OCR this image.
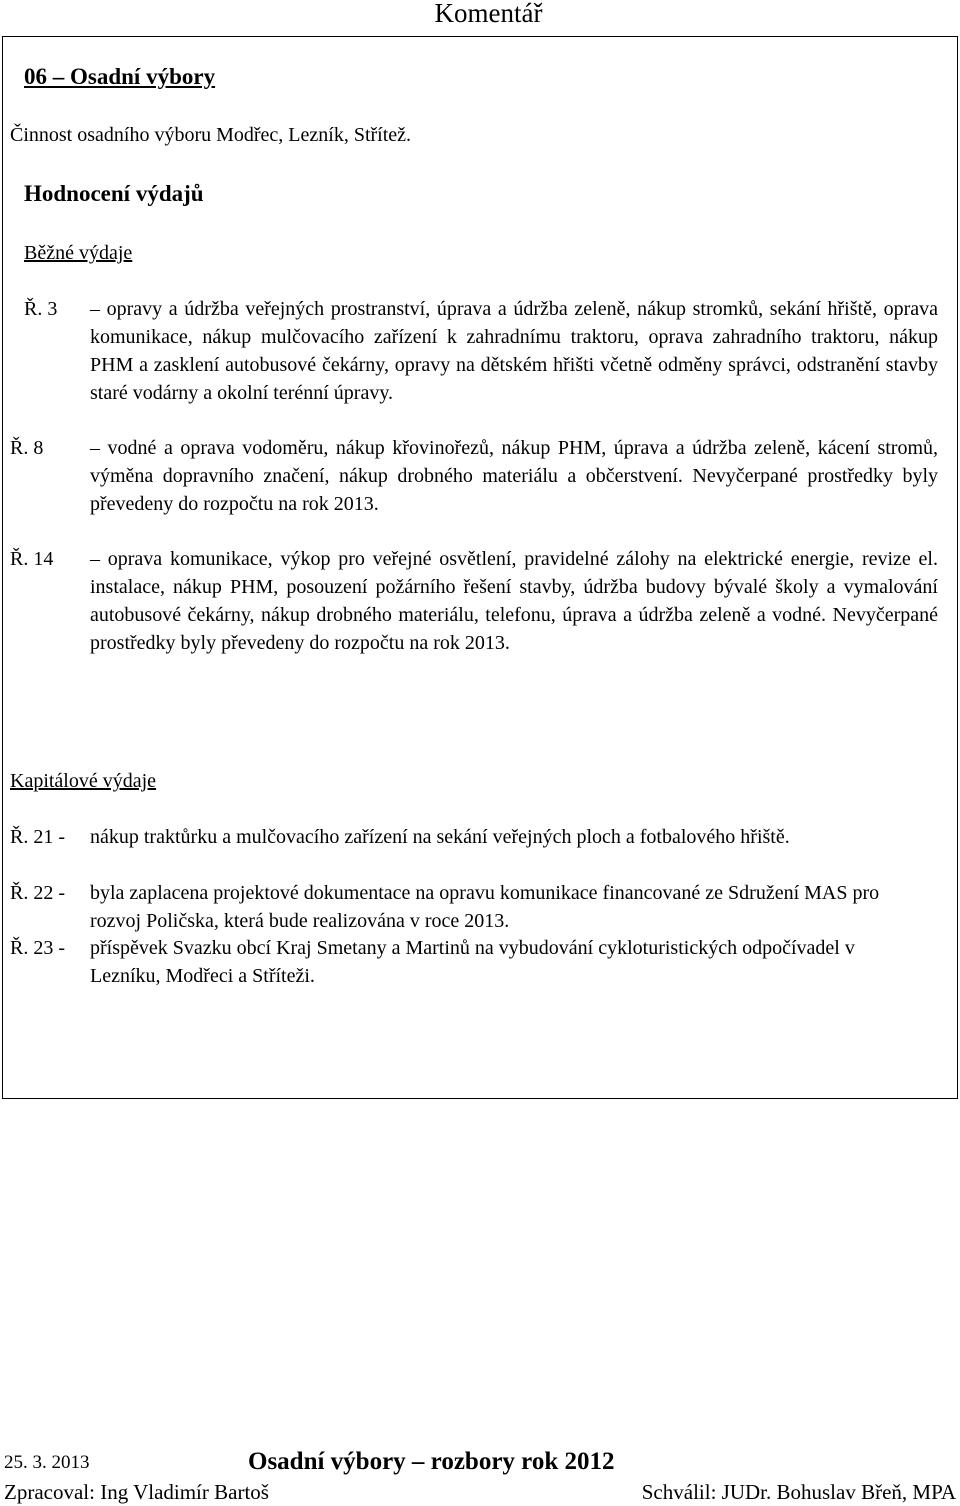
Komentář
06 – Osadní výbory
Činnost osadního výboru Modřec, Lezník, Střítež.
Hodnocení výdajů
Běžné výdaje
Ř. 3 – opravy a údržba veřejných prostranství, úprava a údržba zeleně, nákup stromků, sekání hřiště, oprava komunikace, nákup mulčovacího zařízení k zahradnímu traktoru, oprava zahradního traktoru, nákup PHM a zasklení autobusové čekárny, opravy na dětském hřišti včetně odměny správci, odstranění stavby staré vodárny a okolní terénní úpravy.
Ř. 8 – vodné a oprava vodoměru, nákup křovinořezů, nákup PHM, úprava a údržba zeleně, kácení stromů, výměna dopravního značení, nákup drobného materiálu a občerstvení. Nevyčerpané prostředky byly převedeny do rozpočtu na rok 2013.
Ř. 14 – oprava komunikace, výkop pro veřejné osvětlení, pravidelné zálohy na elektrické energie, revize el. instalace, nákup PHM, posouzení požárního řešení stavby, údržba budovy bývalé školy a vymalování autobusové čekárny, nákup drobného materiálu, telefonu, úprava a údržba zeleně a vodné. Nevyčerpané prostředky byly převedeny do rozpočtu na rok 2013.
Kapitálové výdaje
Ř. 21 - nákup traktůrku a mulčovacího zařízení na sekání veřejných ploch a fotbalového hřiště.
Ř. 22 - byla zaplacena projektové dokumentace na opravu komunikace financované ze Sdružení MAS pro rozvoj Poličska, která bude realizována v roce 2013.
Ř. 23 - příspěvek Svazku obcí Kraj Smetany a Martinů na vybudování cykloturistických odpočívadel v Lezníku, Modřeci a Stříteži.
25. 3. 2013	Osadní výbory – rozbory rok 2012
Zpracoval: Ing Vladimír Bartoš	Schválil: JUDr. Bohuslav Břeň, MPA
